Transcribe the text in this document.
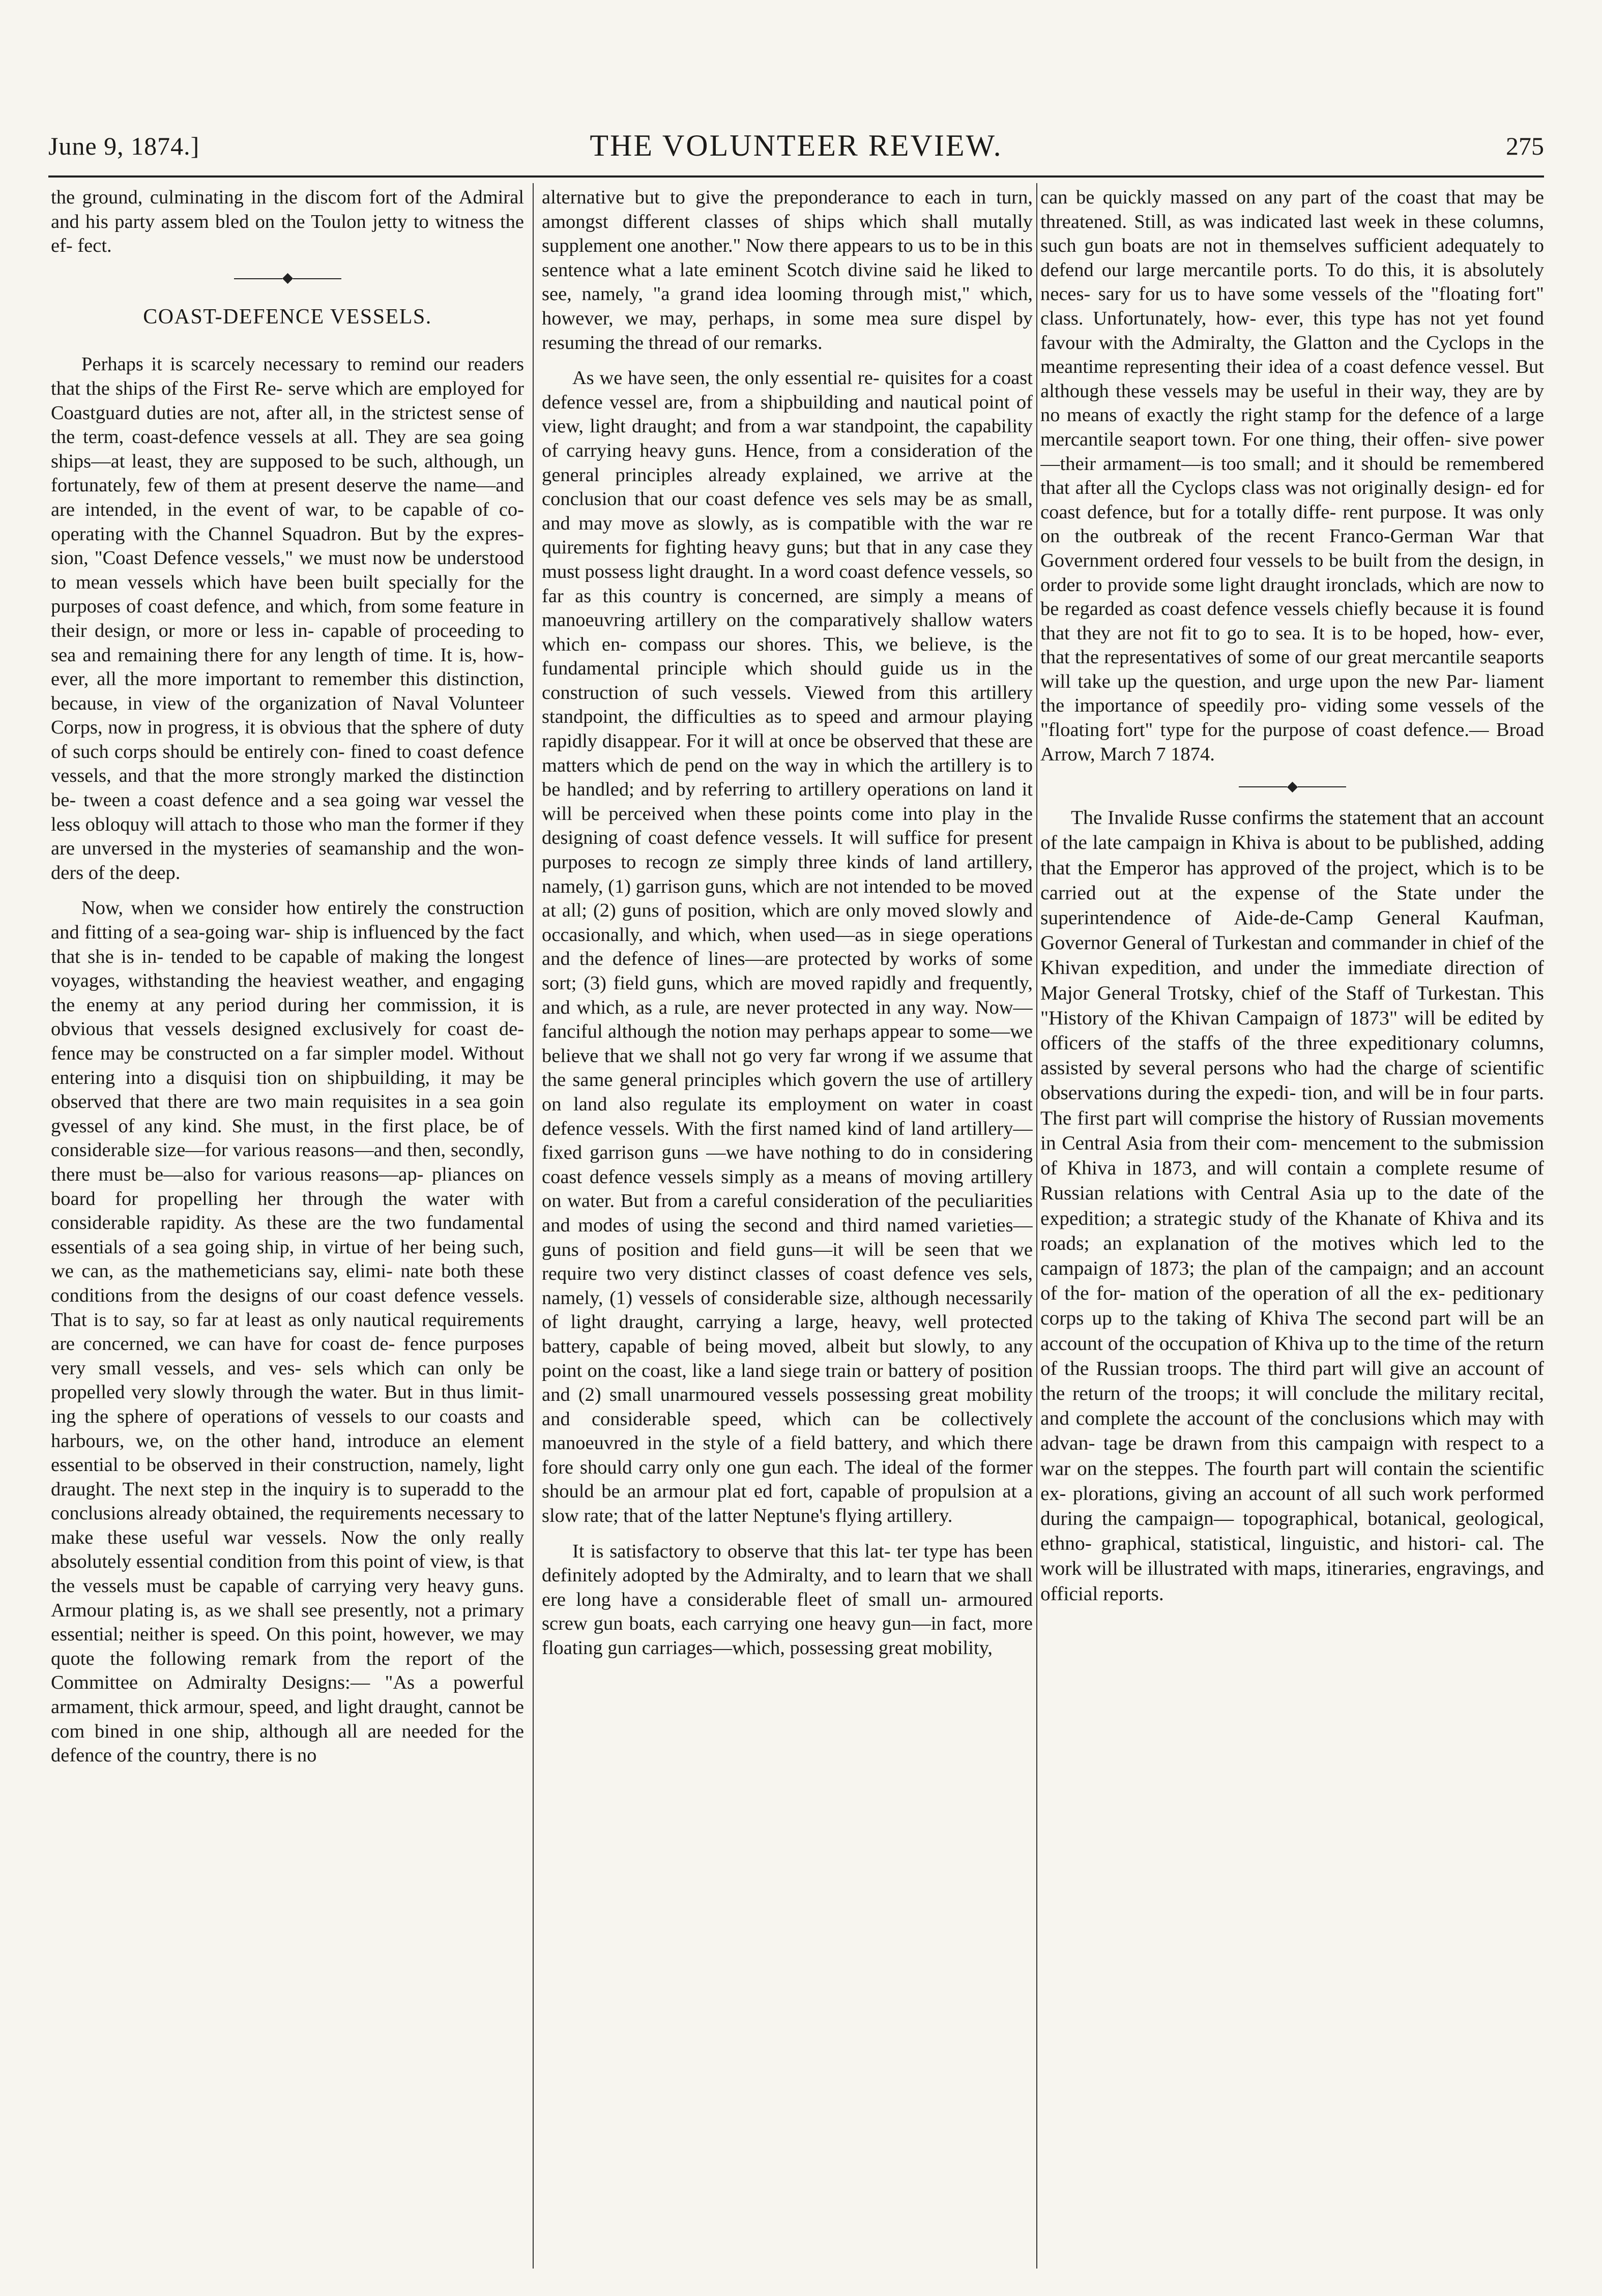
June 9, 1874.]	THE VOLUNTEER REVIEW.	275

the ground, culminating in the discom fort of the Admiral and his party assem bled on the Toulon jetty to witness the ef- fect.

COAST-DEFENCE VESSELS.

Perhaps it is scarcely necessary to remind our readers that the ships of the First Re- serve which are employed for Coastguard duties are not, after all, in the strictest sense of the term, coast-defence vessels at all. They are sea going ships—at least, they are supposed to be such, although, un fortunately, few of them at present deserve the name—and are intended, in the event of war, to be capable of co-operating with the Channel Squadron. But by the expres- sion, "Coast Defence vessels," we must now be understood to mean vessels which have been built specially for the purposes of coast defence, and which, from some feature in their design, or more or less in- capable of proceeding to sea and remaining there for any length of time. It is, how- ever, all the more important to remember this distinction, because, in view of the organization of Naval Volunteer Corps, now in progress, it is obvious that the sphere of duty of such corps should be entirely con- fined to coast defence vessels, and that the more strongly marked the distinction be- tween a coast defence and a sea going war vessel the less obloquy will attach to those who man the former if they are unversed in the mysteries of seamanship and the won- ders of the deep.

Now, when we consider how entirely the construction and fitting of a sea-going war- ship is influenced by the fact that she is in- tended to be capable of making the longest voyages, withstanding the heaviest weather, and engaging the enemy at any period during her commission, it is obvious that vessels designed exclusively for coast de- fence may be constructed on a far simpler model. Without entering into a disquisi tion on shipbuilding, it may be observed that there are two main requisites in a sea goin gvessel of any kind. She must, in the first place, be of considerable size—for various reasons—and then, secondly, there must be—also for various reasons—ap- pliances on board for propelling her through the water with considerable rapidity. As these are the two fundamental essentials of a sea going ship, in virtue of her being such, we can, as the mathemeticians say, elimi- nate both these conditions from the designs of our coast defence vessels. That is to say, so far at least as only nautical requirements are concerned, we can have for coast de- fence purposes very small vessels, and ves- sels which can only be propelled very slowly through the water. But in thus limit- ing the sphere of operations of vessels to our coasts and harbours, we, on the other hand, introduce an element essential to be observed in their construction, namely, light draught. The next step in the inquiry is to superadd to the conclusions already obtained, the requirements necessary to make these useful war vessels. Now the only really absolutely essential condition from this point of view, is that the vessels must be capable of carrying very heavy guns. Armour plating is, as we shall see presently, not a primary essential; neither is speed. On this point, however, we may quote the following remark from the report of the Committee on Admiralty Designs:— "As a powerful armament, thick armour, speed, and light draught, cannot be com bined in one ship, although all are needed for the defence of the country, there is no

alternative but to give the preponderance to each in turn, amongst different classes of ships which shall mutally supplement one another." Now there appears to us to be in this sentence what a late eminent Scotch divine said he liked to see, namely, "a grand idea looming through mist," which, however, we may, perhaps, in some mea sure dispel by resuming the thread of our remarks.

As we have seen, the only essential re- quisites for a coast defence vessel are, from a shipbuilding and nautical point of view, light draught; and from a war standpoint, the capability of carrying heavy guns. Hence, from a consideration of the general principles already explained, we arrive at the conclusion that our coast defence ves sels may be as small, and may move as slowly, as is compatible with the war re quirements for fighting heavy guns; but that in any case they must possess light draught. In a word coast defence vessels, so far as this country is concerned, are simply a means of manoeuvring artillery on the comparatively shallow waters which en- compass our shores. This, we believe, is the fundamental principle which should guide us in the construction of such vessels. Viewed from this artillery standpoint, the difficulties as to speed and armour playing rapidly disappear. For it will at once be observed that these are matters which de pend on the way in which the artillery is to be handled; and by referring to artillery operations on land it will be perceived when these points come into play in the designing of coast defence vessels. It will suffice for present purposes to recogn ze simply three kinds of land artillery, namely, (1) garrison guns, which are not intended to be moved at all; (2) guns of position, which are only moved slowly and occasionally, and which, when used—as in siege operations and the defence of lines—are protected by works of some sort; (3) field guns, which are moved rapidly and frequently, and which, as a rule, are never protected in any way. Now—fanciful although the notion may perhaps appear to some—we believe that we shall not go very far wrong if we assume that the same general principles which govern the use of artillery on land also regulate its employment on water in coast defence vessels. With the first named kind of land artillery—fixed garrison guns —we have nothing to do in considering coast defence vessels simply as a means of moving artillery on water. But from a careful consideration of the peculiarities and modes of using the second and third named varieties—guns of position and field guns—it will be seen that we require two very distinct classes of coast defence ves sels, namely, (1) vessels of considerable size, although necessarily of light draught, carrying a large, heavy, well protected battery, capable of being moved, albeit but slowly, to any point on the coast, like a land siege train or battery of position and (2) small unarmoured vessels possessing great mobility and considerable speed, which can be collectively manoeuvred in the style of a field battery, and which there fore should carry only one gun each. The ideal of the former should be an armour plat ed fort, capable of propulsion at a slow rate; that of the latter Neptune's flying artillery.

It is satisfactory to observe that this lat- ter type has been definitely adopted by the Admiralty, and to learn that we shall ere long have a considerable fleet of small un- armoured screw gun boats, each carrying one heavy gun—in fact, more floating gun carriages—which, possessing great mobility,

can be quickly massed on any part of the coast that may be threatened. Still, as was indicated last week in these columns, such gun boats are not in themselves sufficient adequately to defend our large mercantile ports. To do this, it is absolutely neces- sary for us to have some vessels of the "floating fort" class. Unfortunately, how- ever, this type has not yet found favour with the Admiralty, the Glatton and the Cyclops in the meantime representing their idea of a coast defence vessel. But although these vessels may be useful in their way, they are by no means of exactly the right stamp for the defence of a large mercantile seaport town. For one thing, their offen- sive power—their armament—is too small; and it should be remembered that after all the Cyclops class was not originally design- ed for coast defence, but for a totally diffe- rent purpose. It was only on the outbreak of the recent Franco-German War that Government ordered four vessels to be built from the design, in order to provide some light draught ironclads, which are now to be regarded as coast defence vessels chiefly because it is found that they are not fit to go to sea. It is to be hoped, how- ever, that the representatives of some of our great mercantile seaports will take up the question, and urge upon the new Par- liament the importance of speedily pro- viding some vessels of the "floating fort" type for the purpose of coast defence.— Broad Arrow, March 7 1874.

The Invalide Russe confirms the statement that an account of the late campaign in Khiva is about to be published, adding that the Emperor has approved of the project, which is to be carried out at the expense of the State under the superintendence of Aide-de-Camp General Kaufman, Governor General of Turkestan and commander in chief of the Khivan expedition, and under the immediate direction of Major General Trotsky, chief of the Staff of Turkestan. This "History of the Khivan Campaign of 1873" will be edited by officers of the staffs of the three expeditionary columns, assisted by several persons who had the charge of scientific observations during the expedi- tion, and will be in four parts. The first part will comprise the history of Russian movements in Central Asia from their com- mencement to the submission of Khiva in 1873, and will contain a complete resume of Russian relations with Central Asia up to the date of the expedition; a strategic study of the Khanate of Khiva and its roads; an explanation of the motives which led to the campaign of 1873; the plan of the campaign; and an account of the for- mation of the operation of all the ex- peditionary corps up to the taking of Khiva The second part will be an account of the occupation of Khiva up to the time of the return of the Russian troops. The third part will give an account of the return of the troops; it will conclude the military recital, and complete the account of the conclusions which may with advan- tage be drawn from this campaign with respect to a war on the steppes. The fourth part will contain the scientific ex- plorations, giving an account of all such work performed during the campaign— topographical, botanical, geological, ethno- graphical, statistical, linguistic, and histori- cal. The work will be illustrated with maps, itineraries, engravings, and official reports.
